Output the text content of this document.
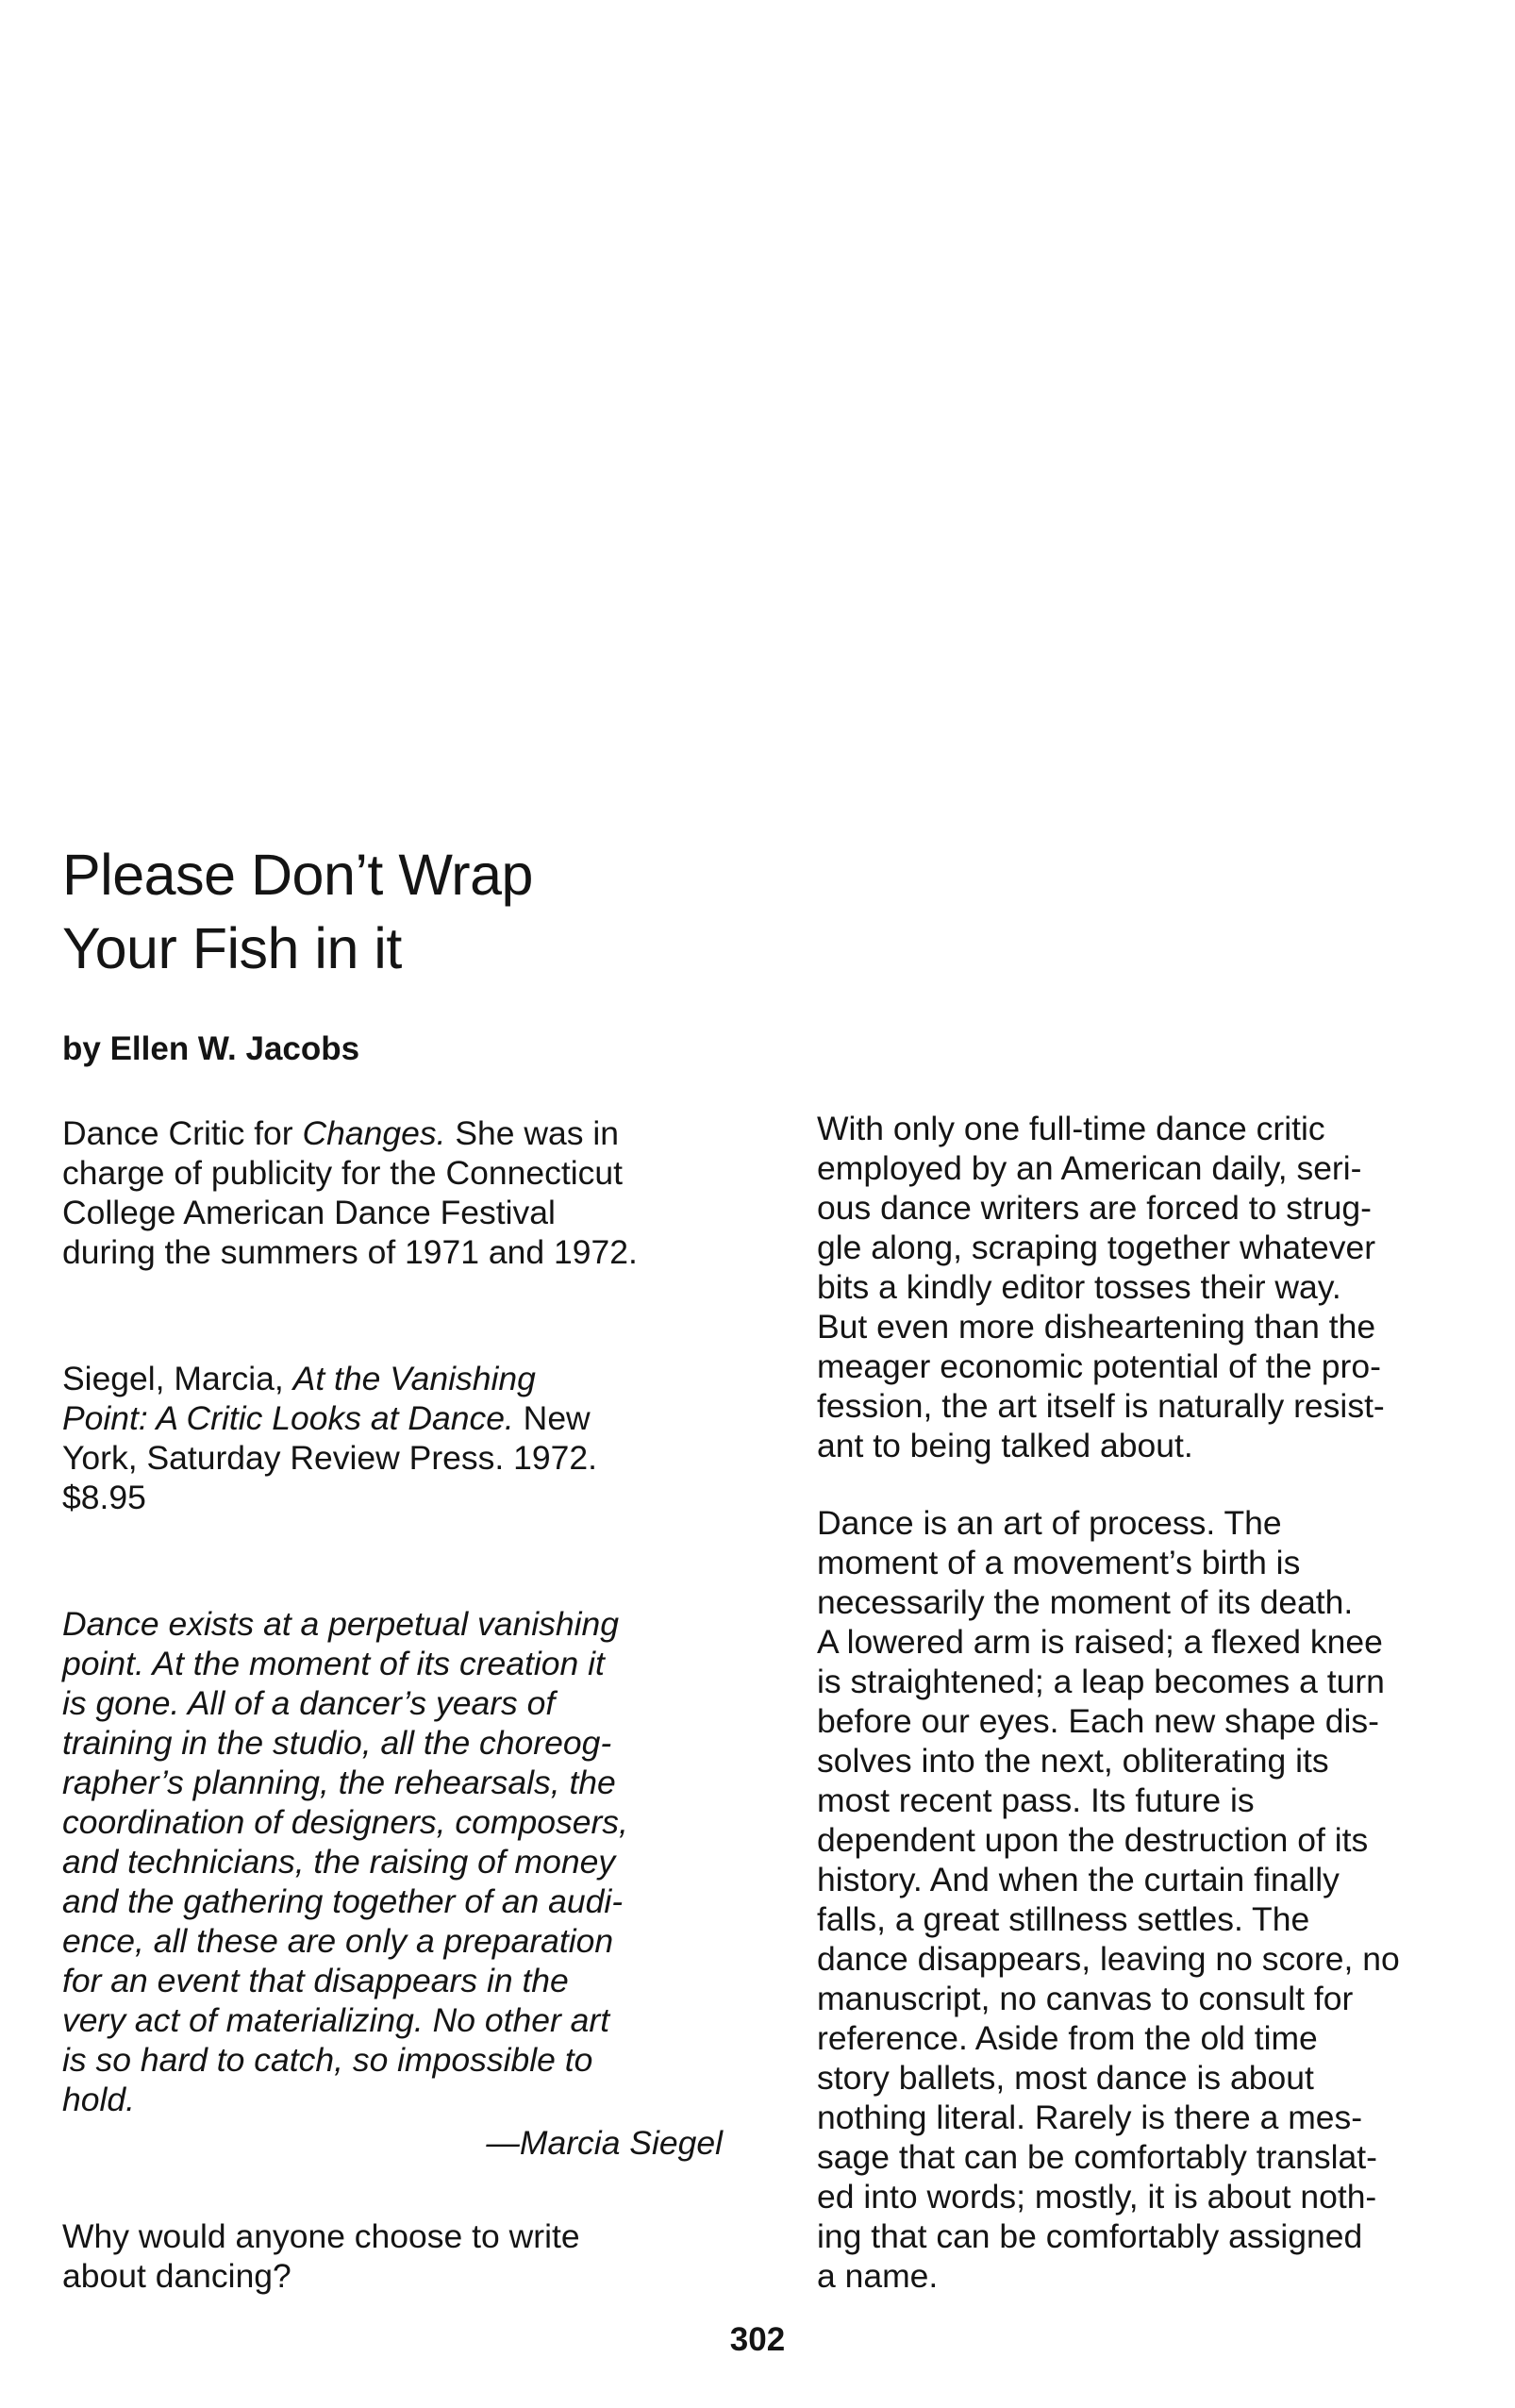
Please Don’t Wrap
Your Fish in it

by Ellen W. Jacobs

Dance Critic for Changes. She was in
charge of publicity for the Connecticut
College American Dance Festival
during the summers of 1971 and 1972.
Siegel, Marcia, At the Vanishing
Point: A Critic Looks at Dance. New
York, Saturday Review Press. 1972.
$8.95
Dance exists at a perpetual vanishing
point. At the moment of its creation it
is gone. All of a dancer’s years of
training in the studio, all the choreog-
rapher’s planning, the rehearsals, the
coordination of designers, composers,
and technicians, the raising of money
and the gathering together of an audi-
ence, all these are only a preparation
for an event that disappears in the
very act of materializing. No other art
is so hard to catch, so impossible to
hold.
—Marcia Siegel
Why would anyone choose to write
about dancing?
With only one full-time dance critic
employed by an American daily, seri-
ous dance writers are forced to strug-
gle along, scraping together whatever
bits a kindly editor tosses their way.
But even more disheartening than the
meager economic potential of the pro-
fession, the art itself is naturally resist-
ant to being talked about.
Dance is an art of process. The
moment of a movement’s birth is
necessarily the moment of its death.
A lowered arm is raised; a flexed knee
is straightened; a leap becomes a turn
before our eyes. Each new shape dis-
solves into the next, obliterating its
most recent pass. Its future is
dependent upon the destruction of its
history. And when the curtain finally
falls, a great stillness settles. The
dance disappears, leaving no score, no
manuscript, no canvas to consult for
reference. Aside from the old time
story ballets, most dance is about
nothing literal. Rarely is there a mes-
sage that can be comfortably translat-
ed into words; mostly, it is about noth-
ing that can be comfortably assigned
a name.
302
